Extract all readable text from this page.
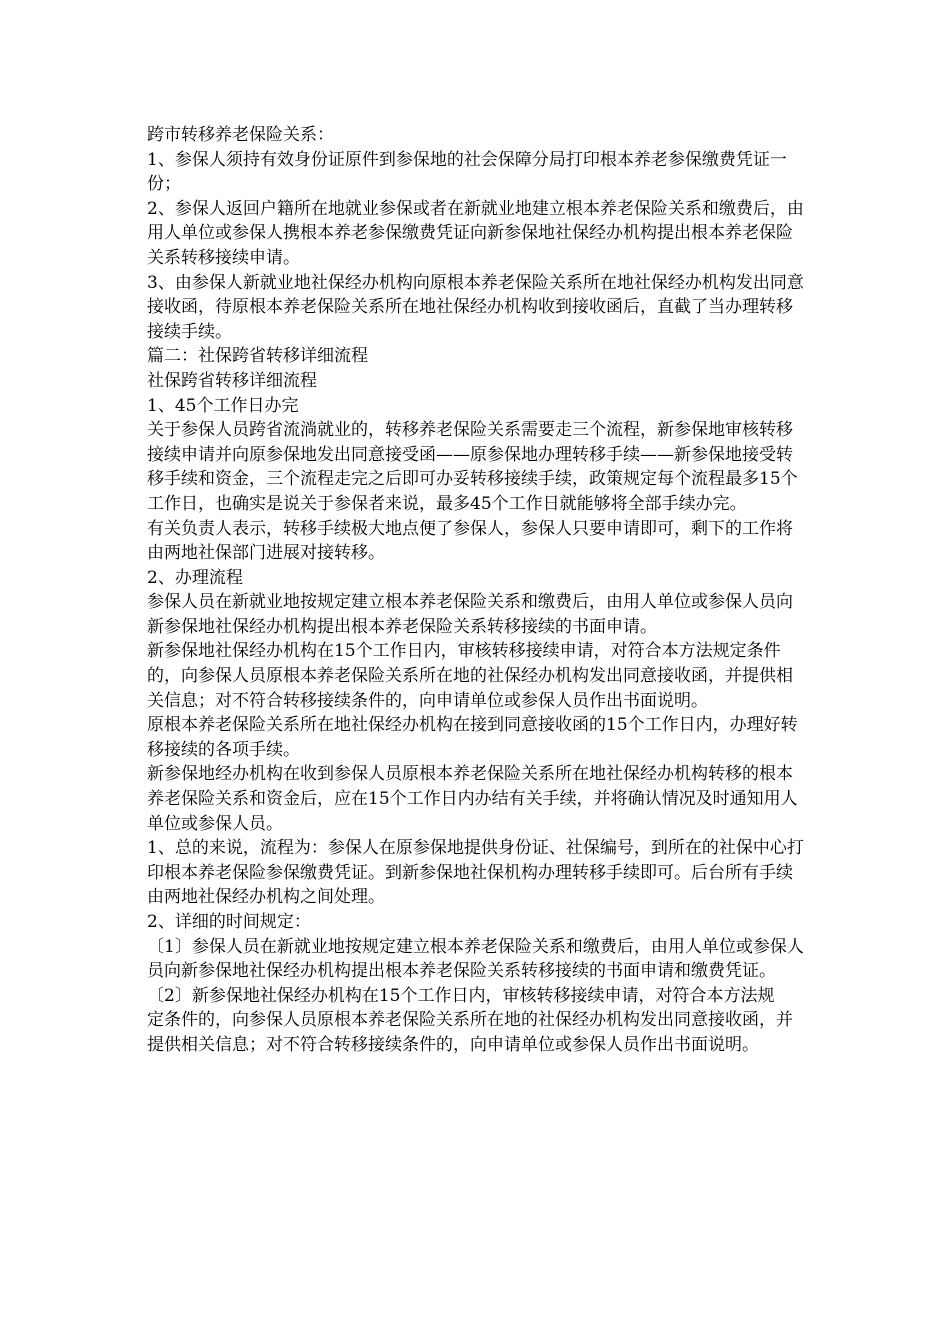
跨市转移养老保险关系：

1、参保人须持有效身份证原件到参保地的社会保障分局打印根本养老参保缴费凭证一份；

2、参保人返回户籍所在地就业参保或者在新就业地建立根本养老保险关系和缴费后，由用人单位或参保人携根本养老参保缴费凭证向新参保地社保经办机构提出根本养老保险关系转移接续申请。

3、由参保人新就业地社保经办机构向原根本养老保险关系所在地社保经办机构发出同意接收函，待原根本养老保险关系所在地社保经办机构收到接收函后，直截了当办理转移接续手续。

篇二：社保跨省转移详细流程

社保跨省转移详细流程

1、45个工作日办完

关于参保人员跨省流淌就业的，转移养老保险关系需要走三个流程，新参保地审核转移接续申请并向原参保地发出同意接受函——原参保地办理转移手续——新参保地接受转移手续和资金，三个流程走完之后即可办妥转移接续手续，政策规定每个流程最多15个工作日，也确实是说关于参保者来说，最多45个工作日就能够将全部手续办完。

有关负责人表示，转移手续极大地点便了参保人，参保人只要申请即可，剩下的工作将由两地社保部门进展对接转移。

2、办理流程

参保人员在新就业地按规定建立根本养老保险关系和缴费后，由用人单位或参保人员向新参保地社保经办机构提出根本养老保险关系转移接续的书面申请。

新参保地社保经办机构在15个工作日内，审核转移接续申请，对符合本方法规定条件的，向参保人员原根本养老保险关系所在地的社保经办机构发出同意接收函，并提供相关信息；对不符合转移接续条件的，向申请单位或参保人员作出书面说明。

原根本养老保险关系所在地社保经办机构在接到同意接收函的15个工作日内，办理好转移接续的各项手续。

新参保地经办机构在收到参保人员原根本养老保险关系所在地社保经办机构转移的根本养老保险关系和资金后，应在15个工作日内办结有关手续，并将确认情况及时通知用人单位或参保人员。

1、总的来说，流程为：参保人在原参保地提供身份证、社保编号，到所在的社保中心打印根本养老保险参保缴费凭证。到新参保地社保机构办理转移手续即可。后台所有手续由两地社保经办机构之间处理。

2、详细的时间规定：

〔1〕参保人员在新就业地按规定建立根本养老保险关系和缴费后，由用人单位或参保人员向新参保地社保经办机构提出根本养老保险关系转移接续的书面申请和缴费凭证。

〔2〕新参保地社保经办机构在15个工作日内，审核转移接续申请，对符合本方法规

定条件的，向参保人员原根本养老保险关系所在地的社保经办机构发出同意接收函，并提供相关信息；对不符合转移接续条件的，向申请单位或参保人员作出书面说明。
